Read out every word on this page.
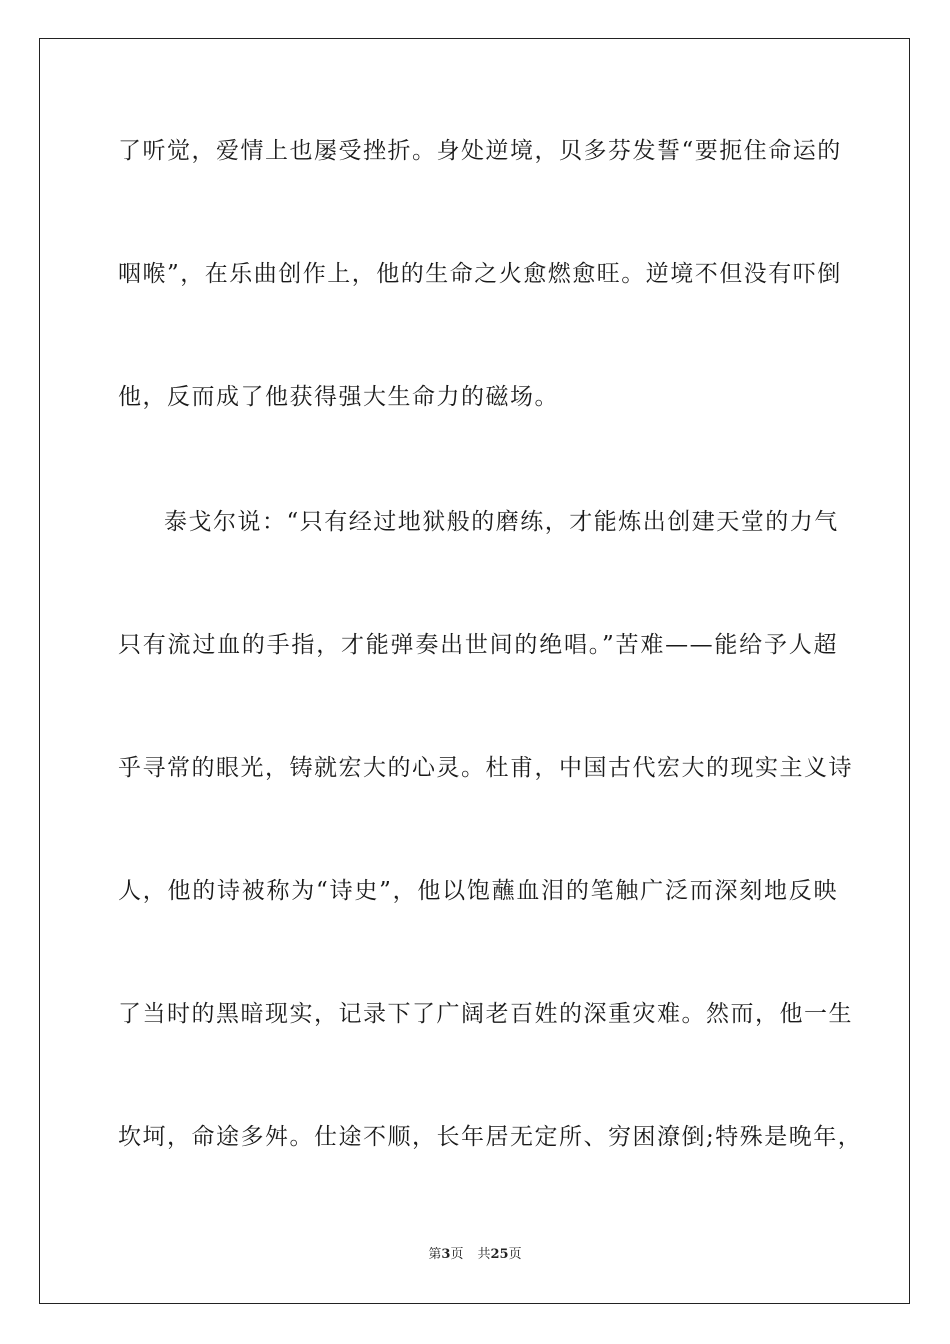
了听觉，爱情上也屡受挫折。身处逆境，贝多芬发誓“要扼住命运的
咽喉”，在乐曲创作上，他的生命之火愈燃愈旺。逆境不但没有吓倒
他，反而成了他获得强大生命力的磁场。
泰戈尔说：“只有经过地狱般的磨练，才能炼出创建天堂的力气
只有流过血的手指，才能弹奏出世间的绝唱。”苦难——能给予人超
乎寻常的眼光，铸就宏大的心灵。杜甫，中国古代宏大的现实主义诗
人，他的诗被称为“诗史”，他以饱蘸血泪的笔触广泛而深刻地反映
了当时的黑暗现实，记录下了广阔老百姓的深重灾难。然而，他一生
坎坷，命途多舛。仕途不顺，长年居无定所、穷困潦倒;特殊是晚年，
第3页 共25页
